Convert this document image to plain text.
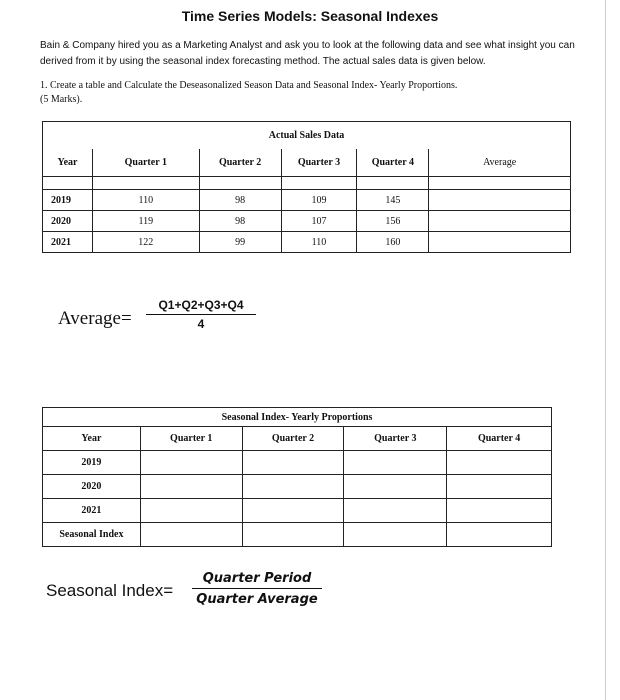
Time Series Models: Seasonal Indexes
Bain & Company hired you as a Marketing Analyst and ask you to look at the following data and see what insight you can derived from it by using the seasonal index forecasting method. The actual sales data is given below.
1. Create a table and Calculate the Deseasonalized Season Data and Seasonal Index- Yearly Proportions.
(5 Marks).
Actual Sales Data					
Year	Quarter 1	Quarter 2	Quarter 3	Quarter 4	Average

2019	110	98	109	145	
2020	119	98	107	156	
2021	122	99	110	160	
Average= $\frac{Q1+Q2+Q3+Q4}{4}$
Seasonal Index- Yearly Proportions				
Year	Quarter 1	Quarter 2	Quarter 3	Quarter 4
2019				
2020				
2021				
Seasonal Index				
Seasonal Index=
Quarter Period
Quarter Average
